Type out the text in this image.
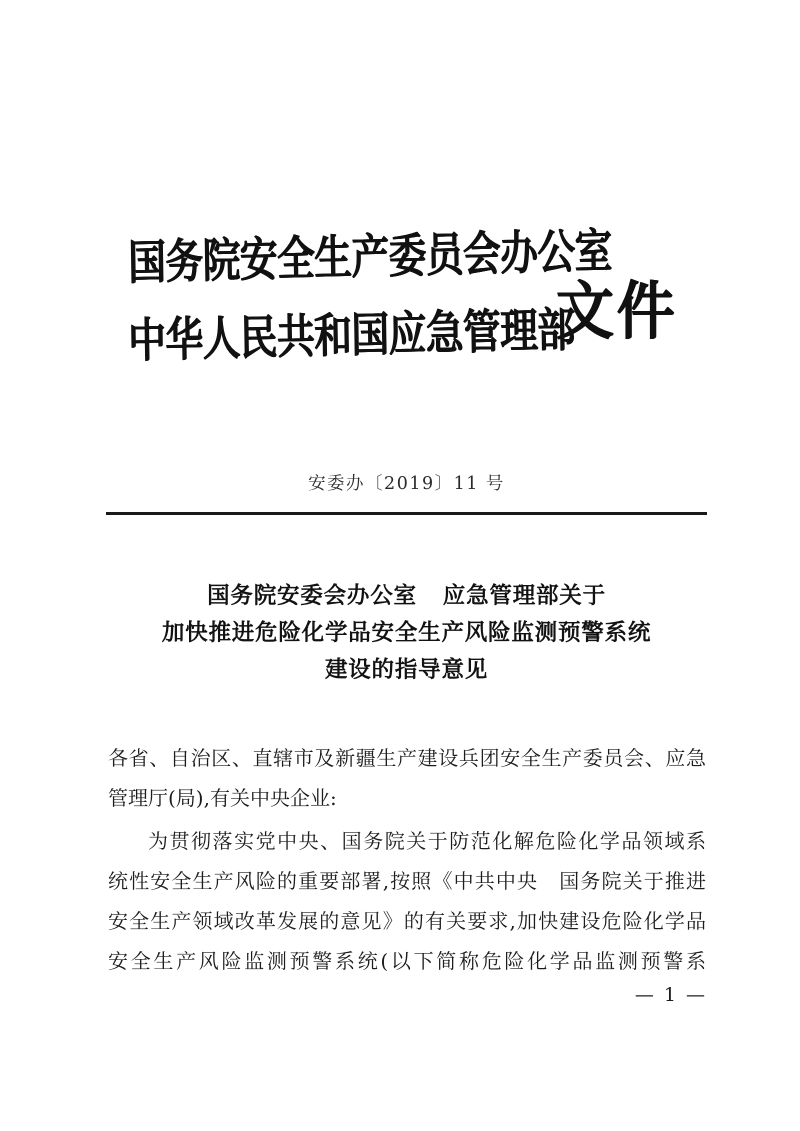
国务院安全生产委员会办公室
中华人民共和国应急管理部
文件
安委办〔2019〕11 号
国务院安委会办公室 应急管理部关于
加快推进危险化学品安全生产风险监测预警系统
建设的指导意见
各省、自治区、直辖市及新疆生产建设兵团安全生产委员会、应急
管理厅(局),有关中央企业:
为贯彻落实党中央、国务院关于防范化解危险化学品领域系
统性安全生产风险的重要部署,按照《中共中央　国务院关于推进
安全生产领域改革发展的意见》的有关要求,加快建设危险化学品
安全生产风险监测预警系统(以下简称危险化学品监测预警系
— 1 —
